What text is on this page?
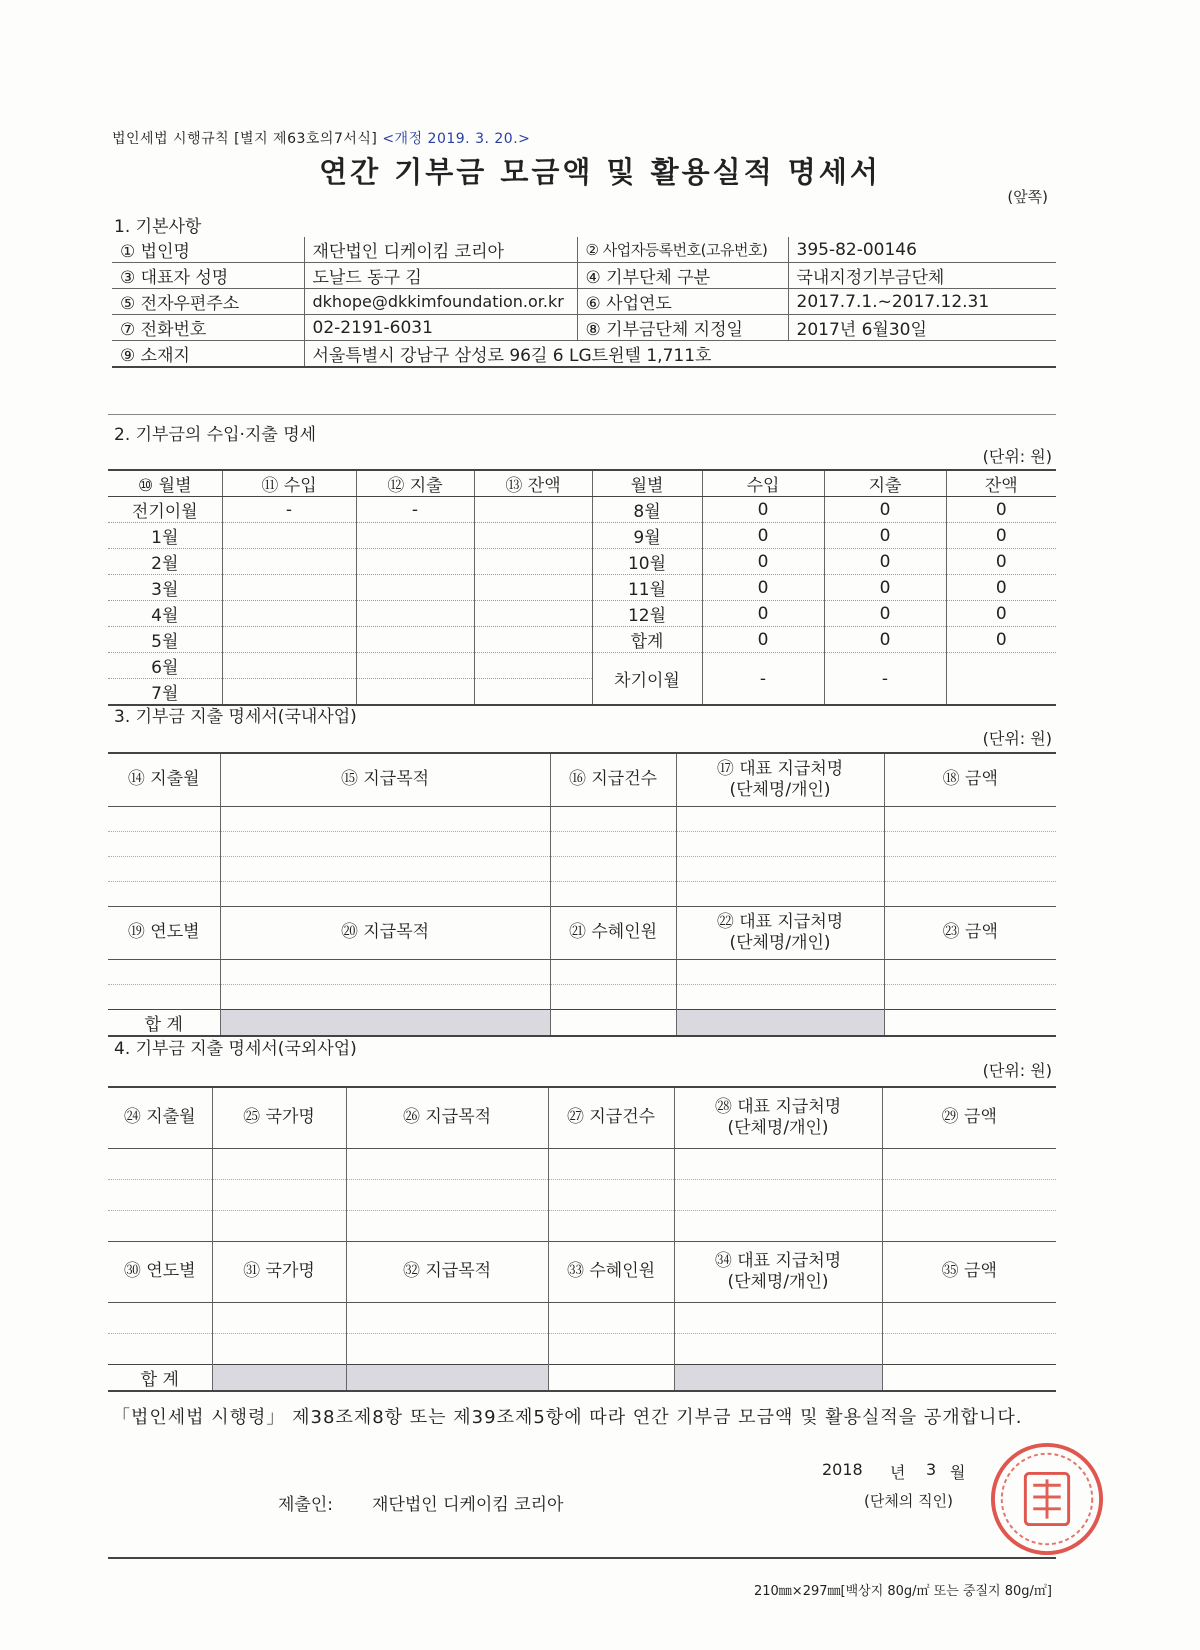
법인세법 시행규칙 [별지 제63호의7서식] <개정 2019. 3. 20.>
연간 기부금 모금액 및 활용실적 명세서
(앞쪽)
1. 기본사항
① 법인명	재단법인 디케이킴 코리아	② 사업자등록번호(고유번호)	395-82-00146
③ 대표자 성명	도날드 동구 김	④ 기부단체 구분	국내지정기부금단체
⑤ 전자우편주소	dkhope@dkkimfoundation.or.kr	⑥ 사업연도	2017.7.1.~2017.12.31
⑦ 전화번호	02-2191-6031	⑧ 기부금단체 지정일	2017년 6월30일
⑨ 소재지	서울특별시 강남구 삼성로 96길 6 LG트윈텔 1,711호		
2. 기부금의 수입·지출 명세
(단위: 원)
⑩ 월별	⑪ 수입	⑫ 지출	⑬ 잔액	월별	수입	지출	잔액
전기이월	-	-		8월	0	0	0
1월				9월	0	0	0
2월				10월	0	0	0
3월				11월	0	0	0
4월				12월	0	0	0
5월				합계	0	0	0
6월				차기이월	-	-	
7월							
3. 기부금 지출 명세서(국내사업)
(단위: 원)
⑭ 지출월	⑮ 지급목적	⑯ 지급건수	⑰ 대표 지급처명
(단체명/개인)	⑱ 금액

⑲ 연도별	⑳ 지급목적	㉑ 수혜인원	㉒ 대표 지급처명
(단체명/개인)	㉓ 금액

합 계				
4. 기부금 지출 명세서(국외사업)
(단위: 원)
㉔ 지출월	㉕ 국가명	㉖ 지급목적	㉗ 지급건수	㉘ 대표 지급처명
(단체명/개인)	㉙ 금액

㉚ 연도별	㉛ 국가명	㉜ 지급목적	㉝ 수혜인원	㉞ 대표 지급처명
(단체명/개인)	㉟ 금액

합 계					
「법인세법 시행령」 제38조제8항 또는 제39조제5항에 따라 연간 기부금 모금액 및 활용실적을 공개합니다.
2018 년 3 월
제출인: 재단법인 디케이킴 코리아	(단체의 직인)
210㎜×297㎜[백상지 80g/㎡ 또는 중질지 80g/㎡]
